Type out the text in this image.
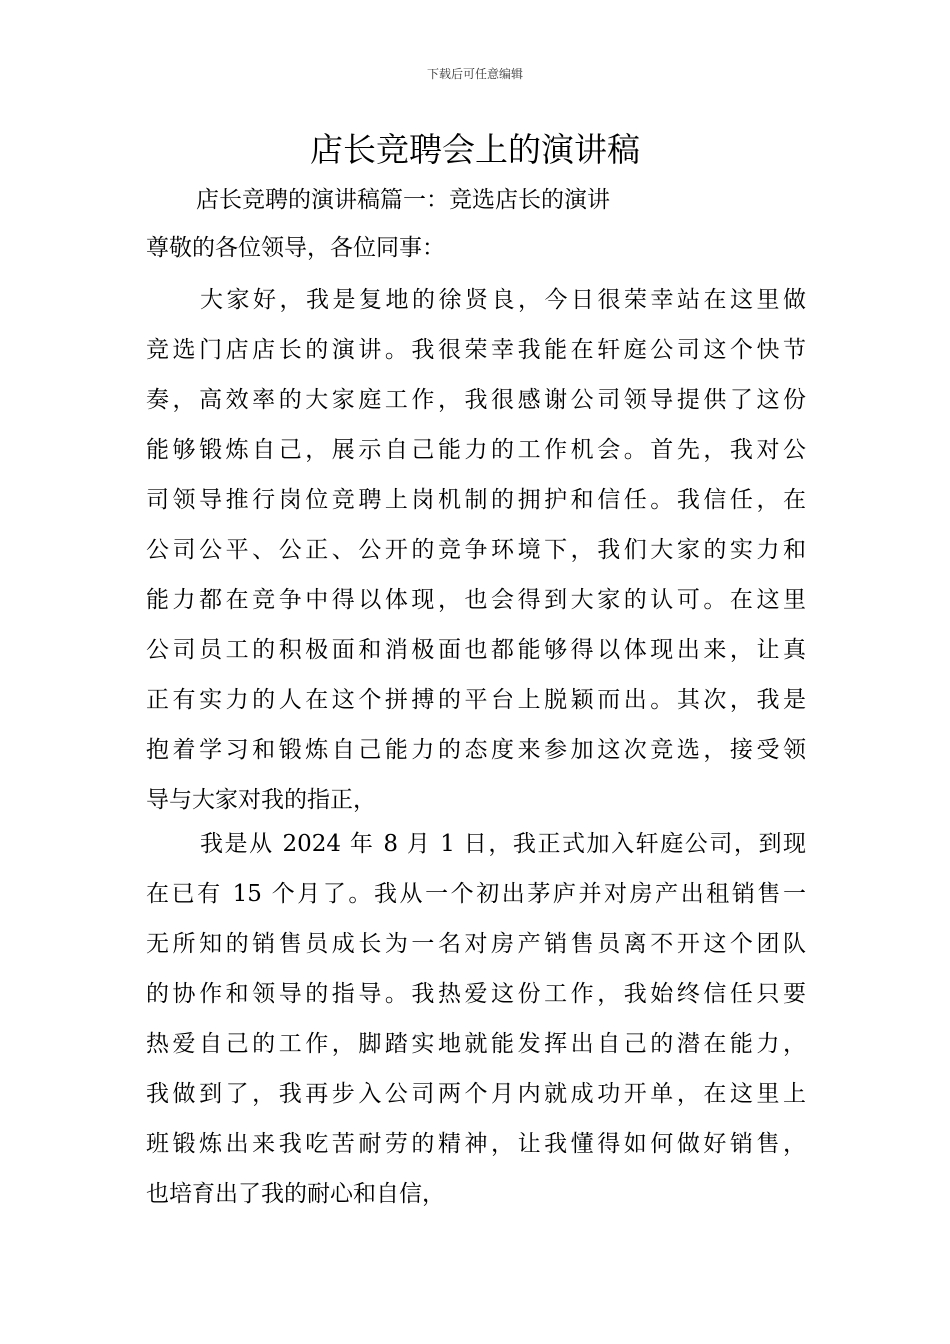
下载后可任意编辑
店长竞聘会上的演讲稿
店长竞聘的演讲稿篇一：竞选店长的演讲
尊敬的各位领导，各位同事：
大家好，我是复地的徐贤良，今日很荣幸站在这里做
竞选门店店长的演讲。我很荣幸我能在轩庭公司这个快节
奏，高效率的大家庭工作，我很感谢公司领导提供了这份
能够锻炼自己，展示自己能力的工作机会。首先，我对公
司领导推行岗位竞聘上岗机制的拥护和信任。我信任，在
公司公平、公正、公开的竞争环境下，我们大家的实力和
能力都在竞争中得以体现，也会得到大家的认可。在这里
公司员工的积极面和消极面也都能够得以体现出来，让真
正有实力的人在这个拼搏的平台上脱颖而出。其次，我是
抱着学习和锻炼自己能力的态度来参加这次竞选，接受领
导与大家对我的指正，
我是从 2024 年 8 月 1 日，我正式加入轩庭公司，到现
在已有 15 个月了。我从一个初出茅庐并对房产出租销售一
无所知的销售员成长为一名对房产销售员离不开这个团队
的协作和领导的指导。我热爱这份工作，我始终信任只要
热爱自己的工作，脚踏实地就能发挥出自己的潜在能力，
我做到了，我再步入公司两个月内就成功开单，在这里上
班锻炼出来我吃苦耐劳的精神，让我懂得如何做好销售，
也培育出了我的耐心和自信，
